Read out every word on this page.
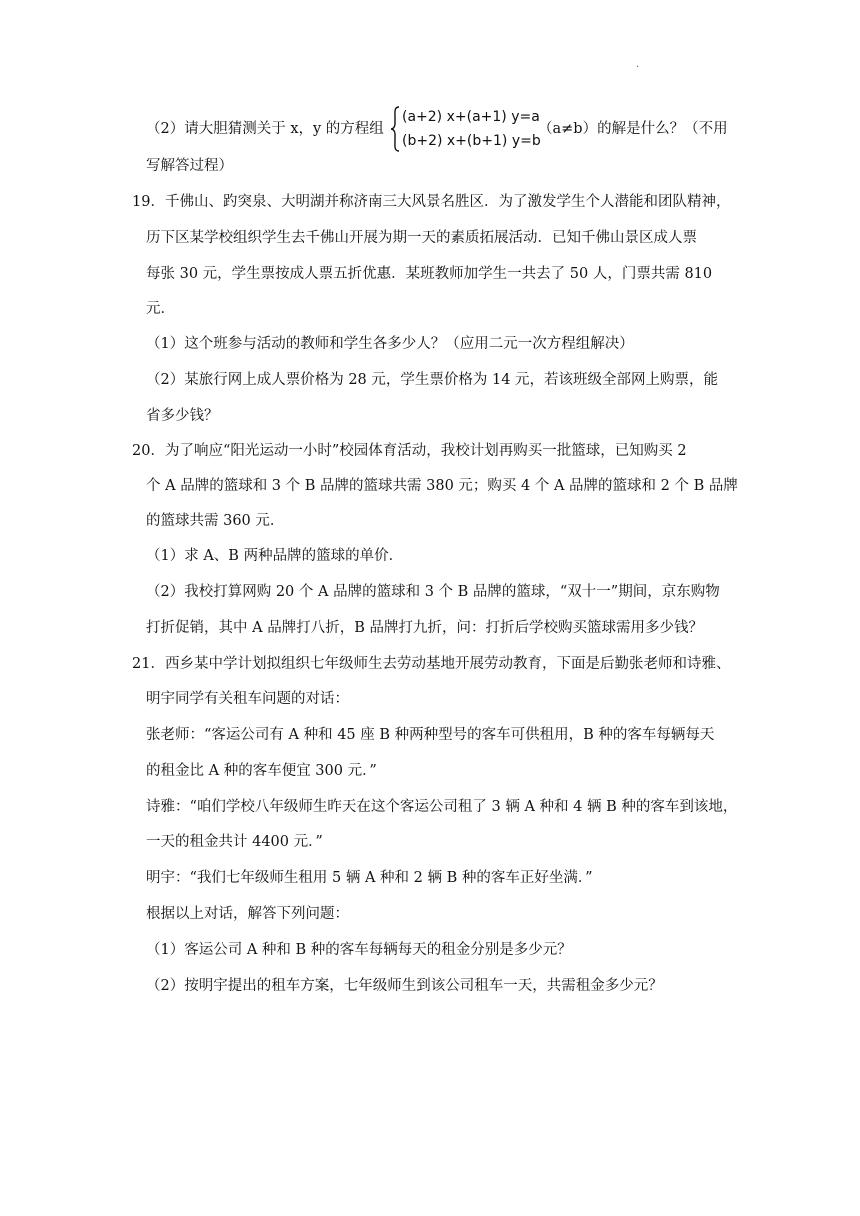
·
（2）请大胆猜测关于 x，y 的方程组
(a+2) x+(a+1) y=a
(b+2) x+(b+1) y=b
（a≠b）的解是什么？（不用
写解答过程）
19．千佛山、趵突泉、大明湖并称济南三大风景名胜区．为了激发学生个人潜能和团队精神，
历下区某学校组织学生去千佛山开展为期一天的素质拓展活动．已知千佛山景区成人票
每张 30 元，学生票按成人票五折优惠．某班教师加学生一共去了 50 人，门票共需 810
元．
（1）这个班参与活动的教师和学生各多少人？（应用二元一次方程组解决）
（2）某旅行网上成人票价格为 28 元，学生票价格为 14 元，若该班级全部网上购票，能
省多少钱？
20．为了响应“阳光运动一小时”校园体育活动，我校计划再购买一批篮球，已知购买 2
个 A 品牌的篮球和 3 个 B 品牌的篮球共需 380 元；购买 4 个 A 品牌的篮球和 2 个 B 品牌
的篮球共需 360 元．
（1）求 A、B 两种品牌的篮球的单价．
（2）我校打算网购 20 个 A 品牌的篮球和 3 个 B 品牌的篮球，“双十一”期间，京东购物
打折促销，其中 A 品牌打八折，B 品牌打九折，问：打折后学校购买篮球需用多少钱？
21．西乡某中学计划拟组织七年级师生去劳动基地开展劳动教育，下面是后勤张老师和诗雅、
明宇同学有关租车问题的对话：
张老师：“客运公司有 A 种和 45 座 B 种两种型号的客车可供租用，B 种的客车每辆每天
的租金比 A 种的客车便宜 300 元．”
诗雅：“咱们学校八年级师生昨天在这个客运公司租了 3 辆 A 种和 4 辆 B 种的客车到该地，
一天的租金共计 4400 元．”
明宇：“我们七年级师生租用 5 辆 A 种和 2 辆 B 种的客车正好坐满．”
根据以上对话，解答下列问题：
（1）客运公司 A 种和 B 种的客车每辆每天的租金分别是多少元？
（2）按明宇提出的租车方案，七年级师生到该公司租车一天，共需租金多少元？
